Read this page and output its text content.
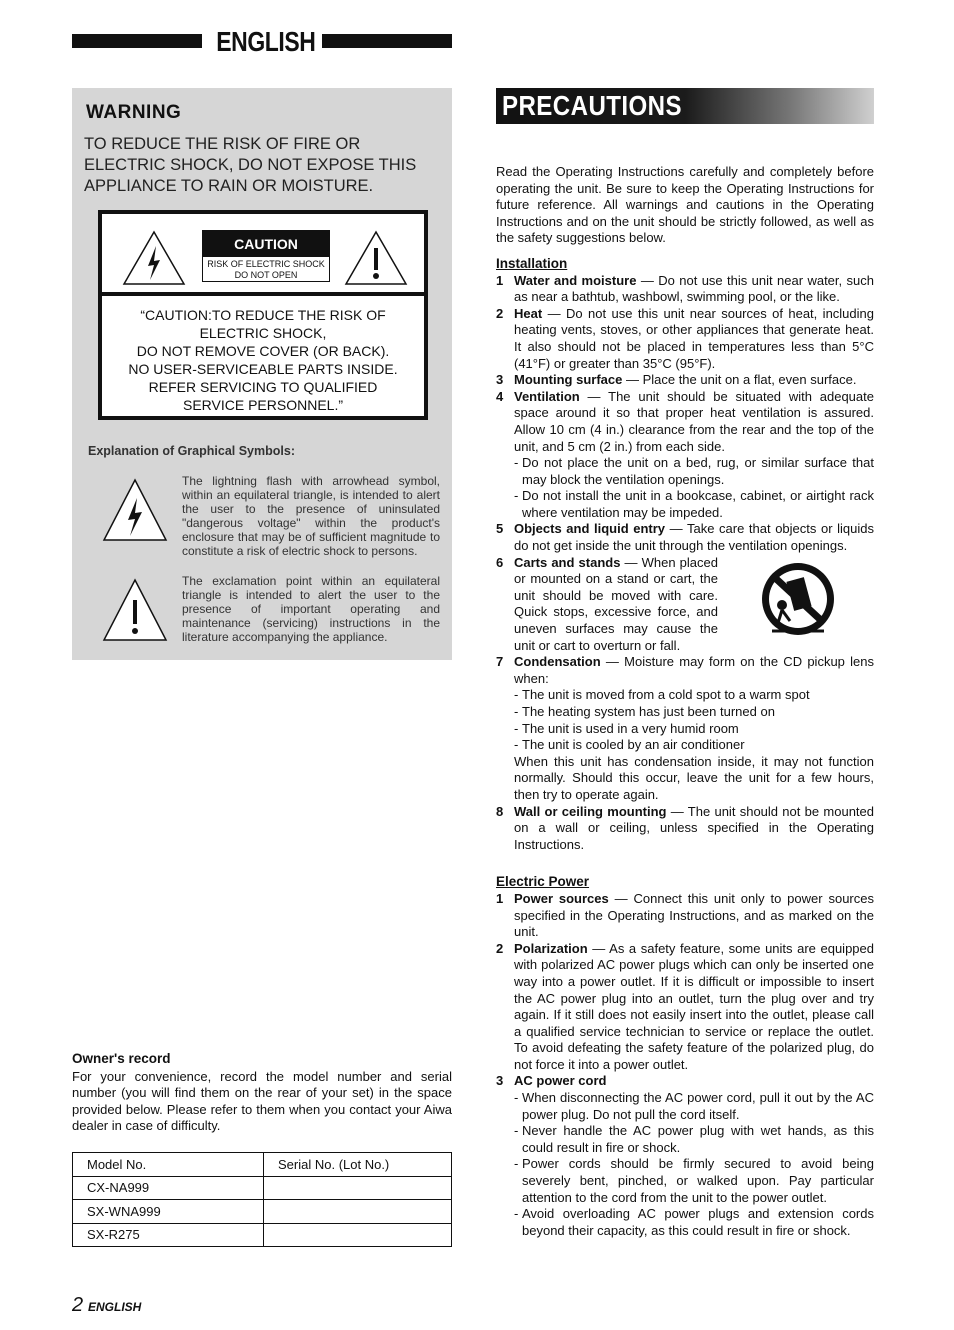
ENGLISH
WARNING
TO REDUCE THE RISK OF FIRE OR ELECTRIC SHOCK, DO NOT EXPOSE THIS APPLIANCE TO RAIN OR MOISTURE.
CAUTION
RISK OF ELECTRIC SHOCK
DO NOT OPEN
“CAUTION:TO REDUCE THE RISK OF
ELECTRIC SHOCK,
DO NOT REMOVE COVER (OR BACK).
NO USER-SERVICEABLE PARTS INSIDE.
REFER SERVICING TO QUALIFIED
SERVICE PERSONNEL.”
Explanation of Graphical Symbols:
The lightning flash with arrowhead symbol, within an equilateral triangle, is intended to alert the user to the presence of uninsulated "dangerous voltage" within the product's enclosure that may be of sufficient magnitude to constitute a risk of electric shock to persons.
The exclamation point within an equilateral triangle is intended to alert the user to the presence of important operating and maintenance (servicing) instructions in the literature accompanying the appliance.
Owner's record
For your convenience, record the model number and serial number (you will find them on the rear of your set) in the space provided below. Please refer to them when you contact your Aiwa dealer in case of difficulty.
Model No.	Serial No. (Lot No.)
CX-NA999	
SX-WNA999	
SX-R275	
2 ENGLISH
PRECAUTIONS

Read the Operating Instructions carefully and completely before operating the unit. Be sure to keep the Operating Instructions for future reference. All warnings and cautions in the Operating Instructions and on the unit should be strictly followed, as well as the safety suggestions below.

Installation
1 Water and moisture — Do not use this unit near water, such as near a bathtub, washbowl, swimming pool, or the like.
2 Heat — Do not use this unit near sources of heat, including heating vents, stoves, or other appliances that generate heat. It also should not be placed in temperatures less than 5°C (41°F) or greater than 35°C (95°F).
3 Mounting surface — Place the unit on a flat, even surface.
4 Ventilation — The unit should be situated with adequate space around it so that proper heat ventilation is assured. Allow 10 cm (4 in.) clearance from the rear and the top of the unit, and 5 cm (2 in.) from each side.
- Do not place the unit on a bed, rug, or similar surface that may block the ventilation openings.
- Do not install the unit in a bookcase, cabinet, or airtight rack where ventilation may be impeded.
5 Objects and liquid entry — Take care that objects or liquids do not get inside the unit through the ventilation openings.
6 Carts and stands — When placed or mounted on a stand or cart, the unit should be moved with care. Quick stops, excessive force, and uneven surfaces may cause the unit or cart to overturn or fall.
7 Condensation — Moisture may form on the CD pickup lens when:
- The unit is moved from a cold spot to a warm spot
- The heating system has just been turned on
- The unit is used in a very humid room
- The unit is cooled by an air conditioner
When this unit has condensation inside, it may not function normally. Should this occur, leave the unit for a few hours, then try to operate again.
8 Wall or ceiling mounting — The unit should not be mounted on a wall or ceiling, unless specified in the Operating Instructions.
Electric Power
1 Power sources — Connect this unit only to power sources specified in the Operating Instructions, and as marked on the unit.
2 Polarization — As a safety feature, some units are equipped with polarized AC power plugs which can only be inserted one way into a power outlet. If it is difficult or impossible to insert the AC power plug into an outlet, turn the plug over and try again. If it still does not easily insert into the outlet, please call a qualified service technician to service or replace the outlet. To avoid defeating the safety feature of the polarized plug, do not force it into a power outlet.
3 AC power cord
- When disconnecting the AC power cord, pull it out by the AC power plug. Do not pull the cord itself.
- Never handle the AC power plug with wet hands, as this could result in fire or shock.
- Power cords should be firmly secured to avoid being severely bent, pinched, or walked upon. Pay particular attention to the cord from the unit to the power outlet.
- Avoid overloading AC power plugs and extension cords beyond their capacity, as this could result in fire or shock.
